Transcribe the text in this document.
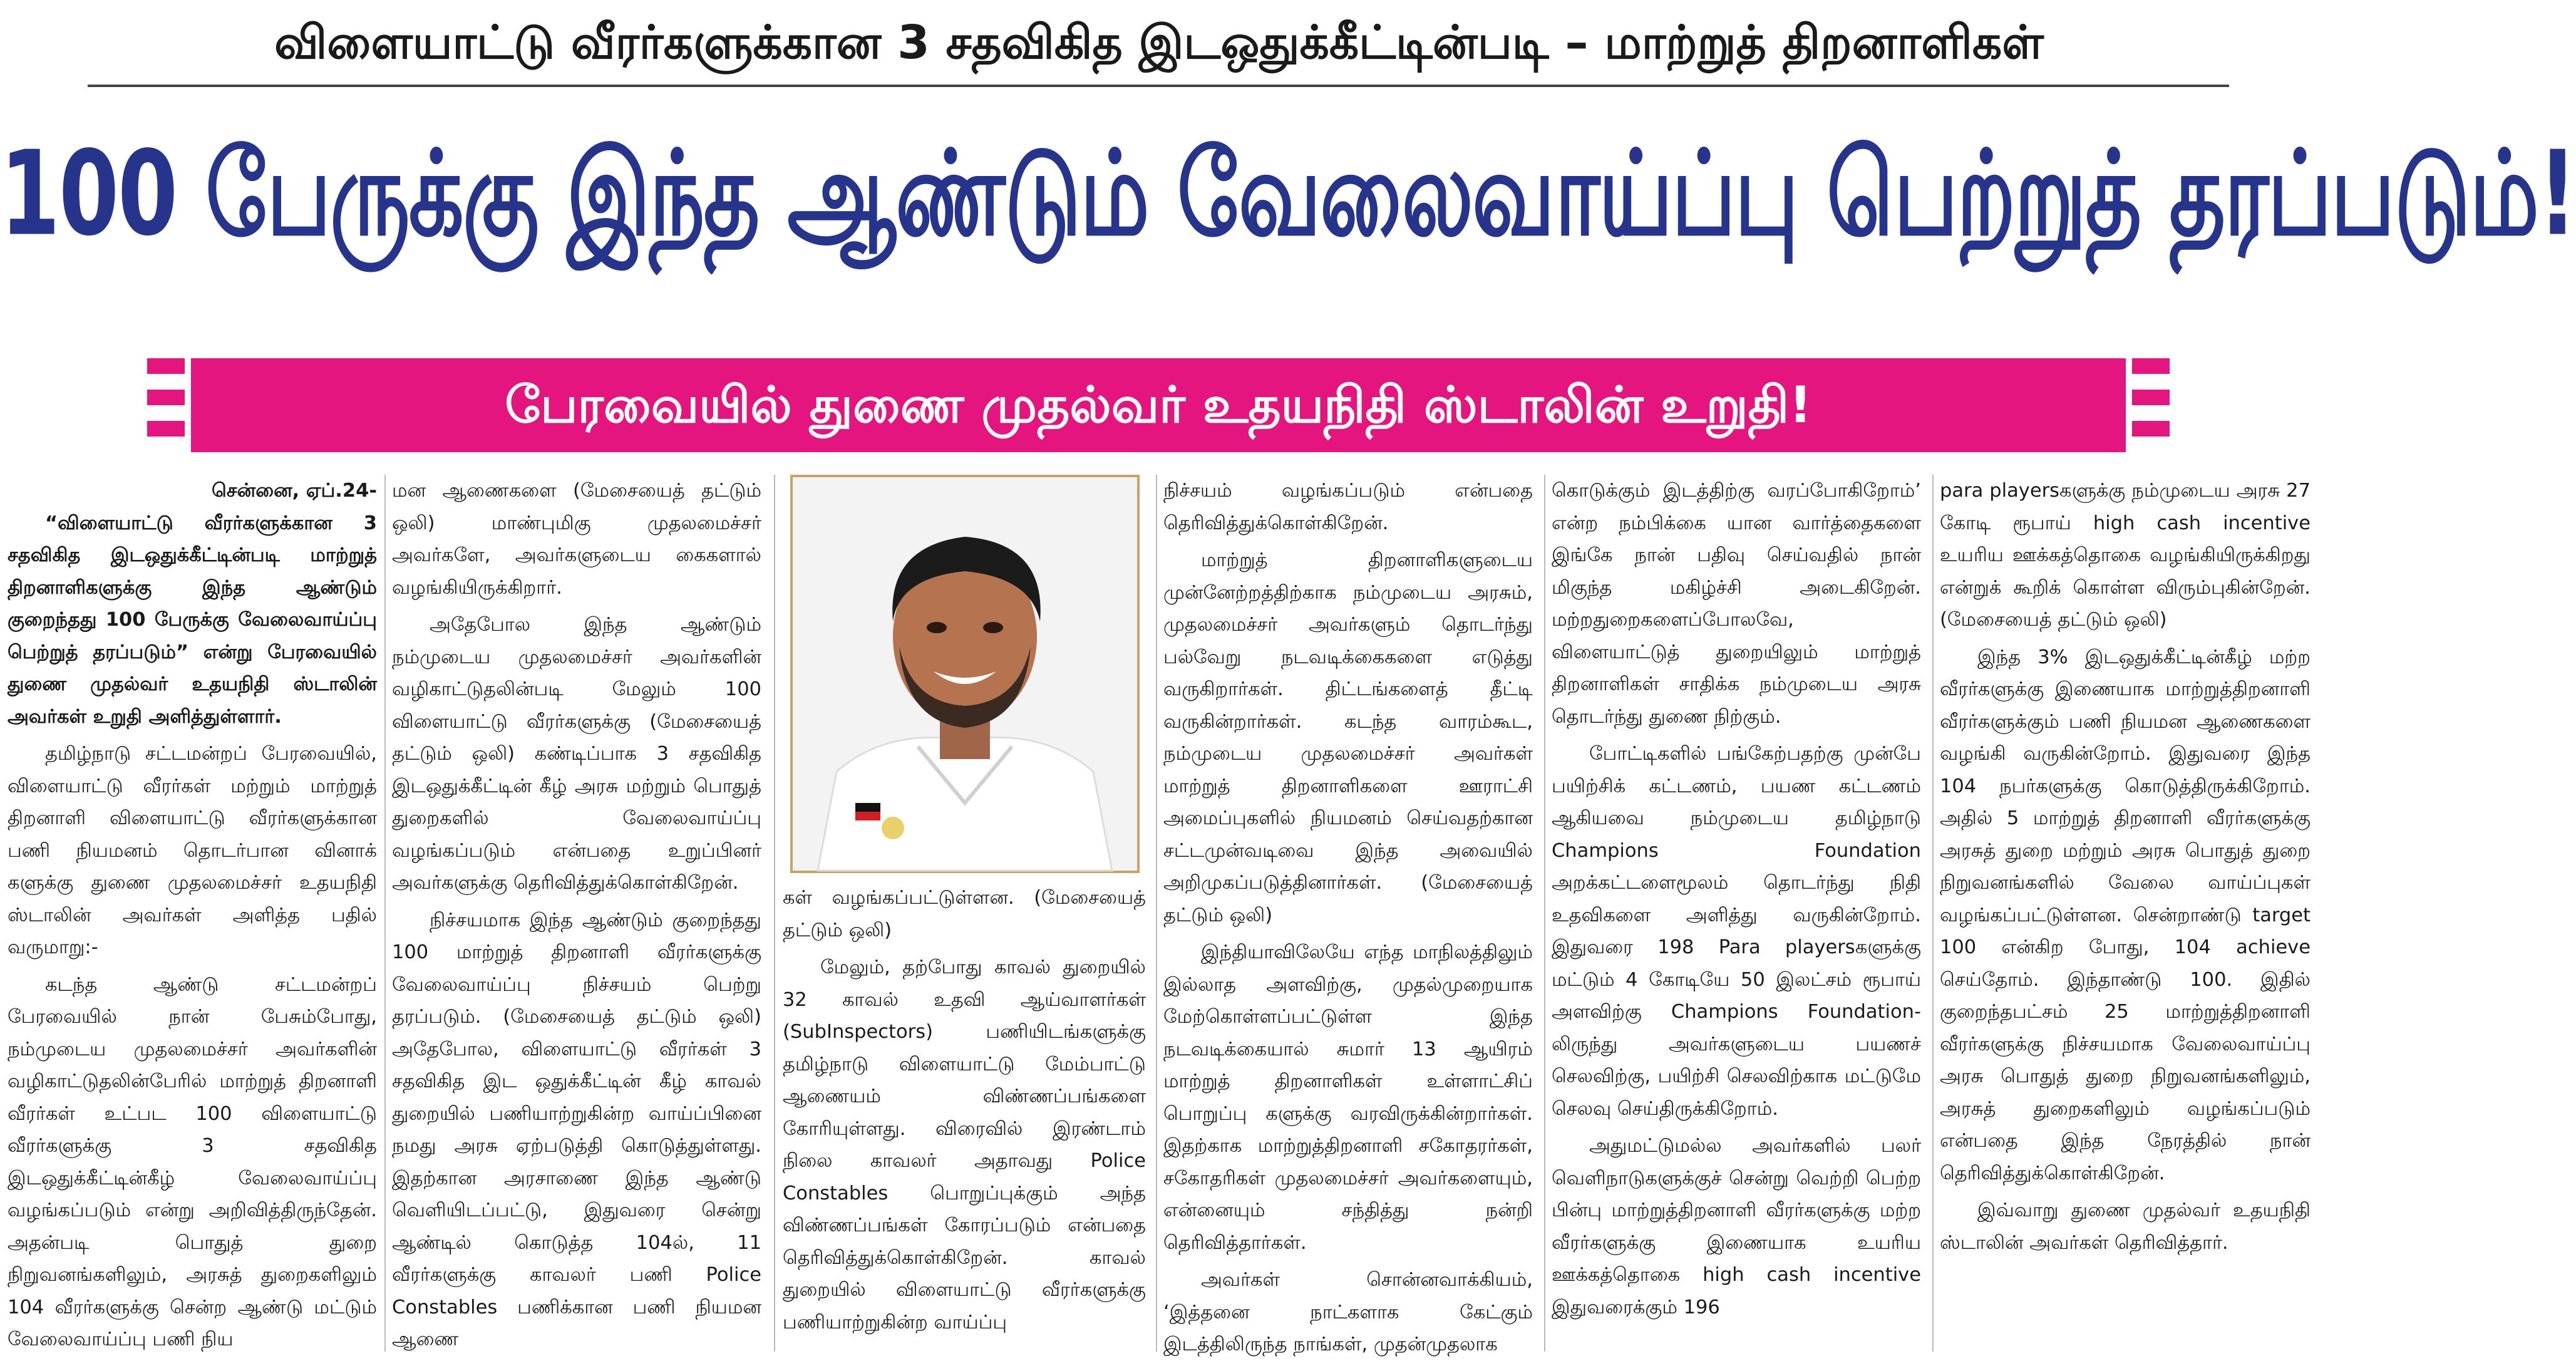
விளையாட்டு வீரர்களுக்கான 3 சதவிகித இடஒதுக்கீட்டின்படி – மாற்றுத் திறனாளிகள்
100 பேருக்கு இந்த ஆண்டும் வேலைவாய்ப்பு பெற்றுத் தரப்படும்!
பேரவையில் துணை முதல்வர் உதயநிதி ஸ்டாலின் உறுதி!
சென்னை, ஏப்.24-

“விளையாட்டு வீரர்களுக்கான 3 சதவிகித இடஒதுக்கீட்டின்படி மாற்றுத் திறனாளிகளுக்கு இந்த ஆண்டும் குறைந்தது 100 பேருக்கு வேலைவாய்ப்பு பெற்றுத் தரப்படும்” என்று பேரவையில் துணை முதல்வர் உதயநிதி ஸ்டாலின் அவர்கள் உறுதி அளித்துள்ளார்.

தமிழ்நாடு சட்டமன்றப் பேரவையில், விளையாட்டு வீரர்கள் மற்றும் மாற்றுத் திறனாளி விளையாட்டு வீரர்களுக்கான பணி நியமனம் தொடர்பான வினாக் களுக்கு துணை முதலமைச்சர் உதயநிதி ஸ்டாலின் அவர்கள் அளித்த பதில் வருமாறு:-

கடந்த ஆண்டு சட்டமன்றப் பேரவையில் நான் பேசும்போது, நம்முடைய முதலமைச்சர் அவர்களின் வழிகாட்டுதலின்பேரில் மாற்றுத் திறனாளி வீரர்கள் உட்பட 100 விளையாட்டு வீரர்களுக்கு 3 சதவிகித இடஒதுக்கீட்டின்கீழ் வேலைவாய்ப்பு வழங்கப்படும் என்று அறிவித்திருந்தேன். அதன்படி பொதுத் துறை நிறுவனங்களிலும், அரசுத் துறைகளிலும் 104 வீரர்களுக்கு சென்ற ஆண்டு மட்டும் வேலைவாய்ப்பு பணி நிய

மன ஆணைகளை (மேசையைத் தட்டும் ஒலி) மாண்புமிகு முதலமைச்சர் அவர்களே, அவர்களுடைய கைகளால் வழங்கியிருக்கிறார்.

அதேபோல இந்த ஆண்டும் நம்முடைய முதலமைச்சர் அவர்களின் வழிகாட்டுதலின்படி மேலும் 100 விளையாட்டு வீரர்களுக்கு (மேசையைத் தட்டும் ஒலி) கண்டிப்பாக 3 சதவிகித இடஒதுக்கீட்டின் கீழ் அரசு மற்றும் பொதுத் துறைகளில் வேலைவாய்ப்பு வழங்கப்படும் என்பதை உறுப்பினர் அவர்களுக்கு தெரிவித்துக்கொள்கிறேன்.

நிச்சயமாக இந்த ஆண்டும் குறைந்தது 100 மாற்றுத் திறனாளி வீரர்களுக்கு வேலைவாய்ப்பு நிச்சயம் பெற்று தரப்படும். (மேசையைத் தட்டும் ஒலி) அதேபோல, விளையாட்டு வீரர்கள் 3 சதவிகித இட ஒதுக்கீட்டின் கீழ் காவல் துறையில் பணியாற்றுகின்ற வாய்ப்பினை நமது அரசு ஏற்படுத்தி கொடுத்துள்ளது. இதற்கான அரசாணை இந்த ஆண்டு வெளியிடப்பட்டு, இதுவரை சென்று ஆண்டில் கொடுத்த 104ல், 11 வீரர்களுக்கு காவலர் பணி Police Constables பணிக்கான பணி நியமன ஆணை

கள் வழங்கப்பட்டுள்ளன. (மேசையைத் தட்டும் ஒலி)

மேலும், தற்போது காவல் துறையில் 32 காவல் உதவி ஆய்வாளர்கள் (SubInspectors) பணியிடங்களுக்கு தமிழ்நாடு விளையாட்டு மேம்பாட்டு ஆணையம் விண்ணப்பங்களை கோரியுள்ளது. விரைவில் இரண்டாம் நிலை காவலர் அதாவது Police Constables பொறுப்புக்கும் அந்த விண்ணப்பங்கள் கோரப்படும் என்பதை தெரிவித்துக்கொள்கிறேன். காவல் துறையில் விளையாட்டு வீரர்களுக்கு பணியாற்றுகின்ற வாய்ப்பு

நிச்சயம் வழங்கப்படும் என்பதை தெரிவித்துக்கொள்கிறேன்.

மாற்றுத் திறனாளிகளுடைய முன்னேற்றத்திற்காக நம்முடைய அரசும், முதலமைச்சர் அவர்களும் தொடர்ந்து பல்வேறு நடவடிக்கைகளை எடுத்து வருகிறார்கள். திட்டங்களைத் தீட்டி வருகின்றார்கள். கடந்த வாரம்கூட, நம்முடைய முதலமைச்சர் அவர்கள் மாற்றுத் திறனாளிகளை ஊராட்சி அமைப்புகளில் நியமனம் செய்வதற்கான சட்டமுன்வடிவை இந்த அவையில் அறிமுகப்படுத்தினார்கள். (மேசையைத் தட்டும் ஒலி)

இந்தியாவிலேயே எந்த மாநிலத்திலும் இல்லாத அளவிற்கு, முதல்முறையாக மேற்கொள்ளப்பட்டுள்ள இந்த நடவடிக்கையால் சுமார் 13 ஆயிரம் மாற்றுத் திறனாளிகள் உள்ளாட்சிப் பொறுப்பு களுக்கு வரவிருக்கின்றார்கள். இதற்காக மாற்றுத்திறனாளி சகோதரர்கள், சகோதரிகள் முதலமைச்சர் அவர்களையும், என்னையும் சந்தித்து நன்றி தெரிவித்தார்கள்.

அவர்கள் சொன்னவாக்கியம், ‘இத்தனை நாட்களாக கேட்கும் இடத்திலிருந்த நாங்கள், முதன்முதலாக

கொடுக்கும் இடத்திற்கு வரப்போகிறோம்’ என்ற நம்பிக்கை யான வார்த்தைகளை இங்கே நான் பதிவு செய்வதில் நான் மிகுந்த மகிழ்ச்சி அடைகிறேன். மற்றதுறைகளைப்போலவே, விளையாட்டுத் துறையிலும் மாற்றுத் திறனாளிகள் சாதிக்க நம்முடைய அரசு தொடர்ந்து துணை நிற்கும்.

போட்டிகளில் பங்கேற்பதற்கு முன்பே பயிற்சிக் கட்டணம், பயண கட்டணம் ஆகியவை நம்முடைய தமிழ்நாடு Champions Foundation அறக்கட்டளைமூலம் தொடர்ந்து நிதி உதவிகளை அளித்து வருகின்றோம். இதுவரை 198 Para playersகளுக்கு மட்டும் 4 கோடியே 50 இலட்சம் ரூபாய் அளவிற்கு Champions Foundation- லிருந்து அவர்களுடைய பயணச் செலவிற்கு, பயிற்சி செலவிற்காக மட்டுமே செலவு செய்திருக்கிறோம்.

அதுமட்டுமல்ல அவர்களில் பலர் வெளிநாடுகளுக்குச் சென்று வெற்றி பெற்ற பின்பு மாற்றுத்திறனாளி வீரர்களுக்கு மற்ற வீரர்களுக்கு இணையாக உயரிய ஊக்கத்தொகை high cash incentive இதுவரைக்கும் 196

para playersகளுக்கு நம்முடைய அரசு 27 கோடி ரூபாய் high cash incentive உயரிய ஊக்கத்தொகை வழங்கியிருக்கிறது என்றுக் கூறிக் கொள்ள விரும்புகின்றேன். (மேசையைத் தட்டும் ஒலி)

இந்த 3% இடஒதுக்கீட்டின்கீழ் மற்ற வீரர்களுக்கு இணையாக மாற்றுத்திறனாளி வீரர்களுக்கும் பணி நியமன ஆணைகளை வழங்கி வருகின்றோம். இதுவரை இந்த 104 நபர்களுக்கு கொடுத்திருக்கிறோம். அதில் 5 மாற்றுத் திறனாளி வீரர்களுக்கு அரசுத் துறை மற்றும் அரசு பொதுத் துறை நிறுவனங்களில் வேலை வாய்ப்புகள் வழங்கப்பட்டுள்ளன. சென்றாண்டு target 100 என்கிற போது, 104 achieve செய்தோம். இந்தாண்டு 100. இதில் குறைந்தபட்சம் 25 மாற்றுத்திறனாளி வீரர்களுக்கு நிச்சயமாக வேலைவாய்ப்பு அரசு பொதுத் துறை நிறுவனங்களிலும், அரசுத் துறைகளிலும் வழங்கப்படும் என்பதை இந்த நேரத்தில் நான் தெரிவித்துக்கொள்கிறேன்.

இவ்வாறு துணை முதல்வர் உதயநிதி ஸ்டாலின் அவர்கள் தெரிவித்தார்.
